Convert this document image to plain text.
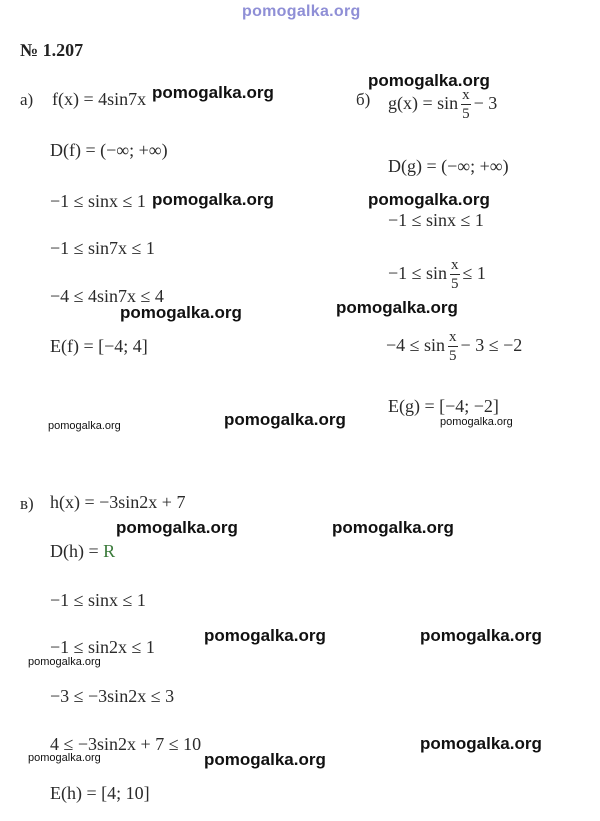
pomogalka.org
№ 1.207
а) f(x) = 4sin7x
D(f) = (−∞; +∞)
−1 ≤ sinx ≤ 1
−1 ≤ sin7x ≤ 1
−4 ≤ 4sin7x ≤ 4
E(f) = [−4; 4]
б) $g(x) = \sin \frac{x}{5} - 3$
D(g) = (−∞; +∞)
−1 ≤ sinx ≤ 1
$-1 \le \sin \frac{x}{5} \le 1$
$-4 \le \sin \frac{x}{5} - 3 \le -2$
E(g) = [−4; −2]
в) h(x) = −3sin2x + 7
D(h) = R
−1 ≤ sinx ≤ 1
−1 ≤ sin2x ≤ 1
−3 ≤ −3sin2x ≤ 3
4 ≤ −3sin2x + 7 ≤ 10
E(h) = [4; 10]
pomogalka.org
pomogalka.org
pomogalka.org	pomogalka.org
pomogalka.org	pomogalka.org
pomogalka.org
pomogalka.org	pomogalka.org
pomogalka.org	pomogalka.org
pomogalka.org
pomogalka.org
pomogalka.org	pomogalka.org
pomogalka.org
pomogalka.org
